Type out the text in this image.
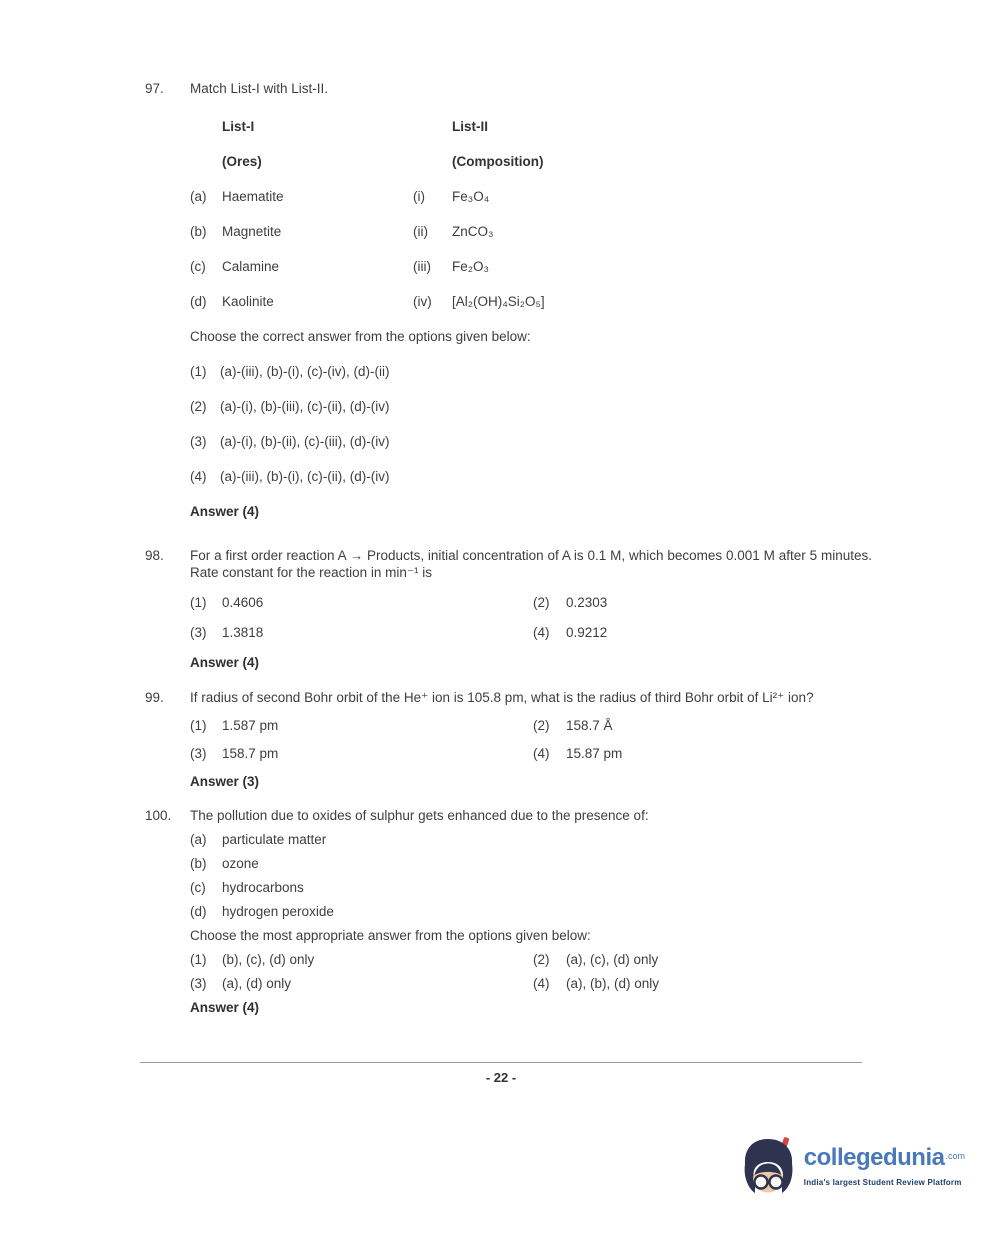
97.	Match List-I with List-II.

List-I	List-II
(Ores)	(Composition)
(a)	Haematite	(i)	Fe₃O₄
(b)	Magnetite	(ii)	ZnCO₃
(c)	Calamine	(iii)	Fe₂O₃
(d)	Kaolinite	(iv)	[Al₂(OH)₄Si₂O₅]

Choose the correct answer from the options given below:

(1)	(a)-(iii), (b)-(i), (c)-(iv), (d)-(ii)
(2)	(a)-(i), (b)-(iii), (c)-(ii), (d)-(iv)
(3)	(a)-(i), (b)-(ii), (c)-(iii), (d)-(iv)
(4)	(a)-(iii), (b)-(i), (c)-(ii), (d)-(iv)

Answer (4)

98.	For a first order reaction A → Products, initial concentration of A is 0.1 M, which becomes 0.001 M after 5 minutes. Rate constant for the reaction in min⁻¹ is

(1)	0.4606	(2)	0.2303
(3)	1.3818	(4)	0.9212

Answer (4)

99.	If radius of second Bohr orbit of the He⁺ ion is 105.8 pm, what is the radius of third Bohr orbit of Li²⁺ ion?

(1)	1.587 pm	(2)	158.7 Å
(3)	158.7 pm	(4)	15.87 pm

Answer (3)

100.	The pollution due to oxides of sulphur gets enhanced due to the presence of:

(a)	particulate matter
(b)	ozone
(c)	hydrocarbons
(d)	hydrogen peroxide

Choose the most appropriate answer from the options given below:

(1)	(b), (c), (d) only	(2)	(a), (c), (d) only
(3)	(a), (d) only	(4)	(a), (b), (d) only

Answer (4)

- 22 -
collegedunia .com
India's largest Student Review Platform
